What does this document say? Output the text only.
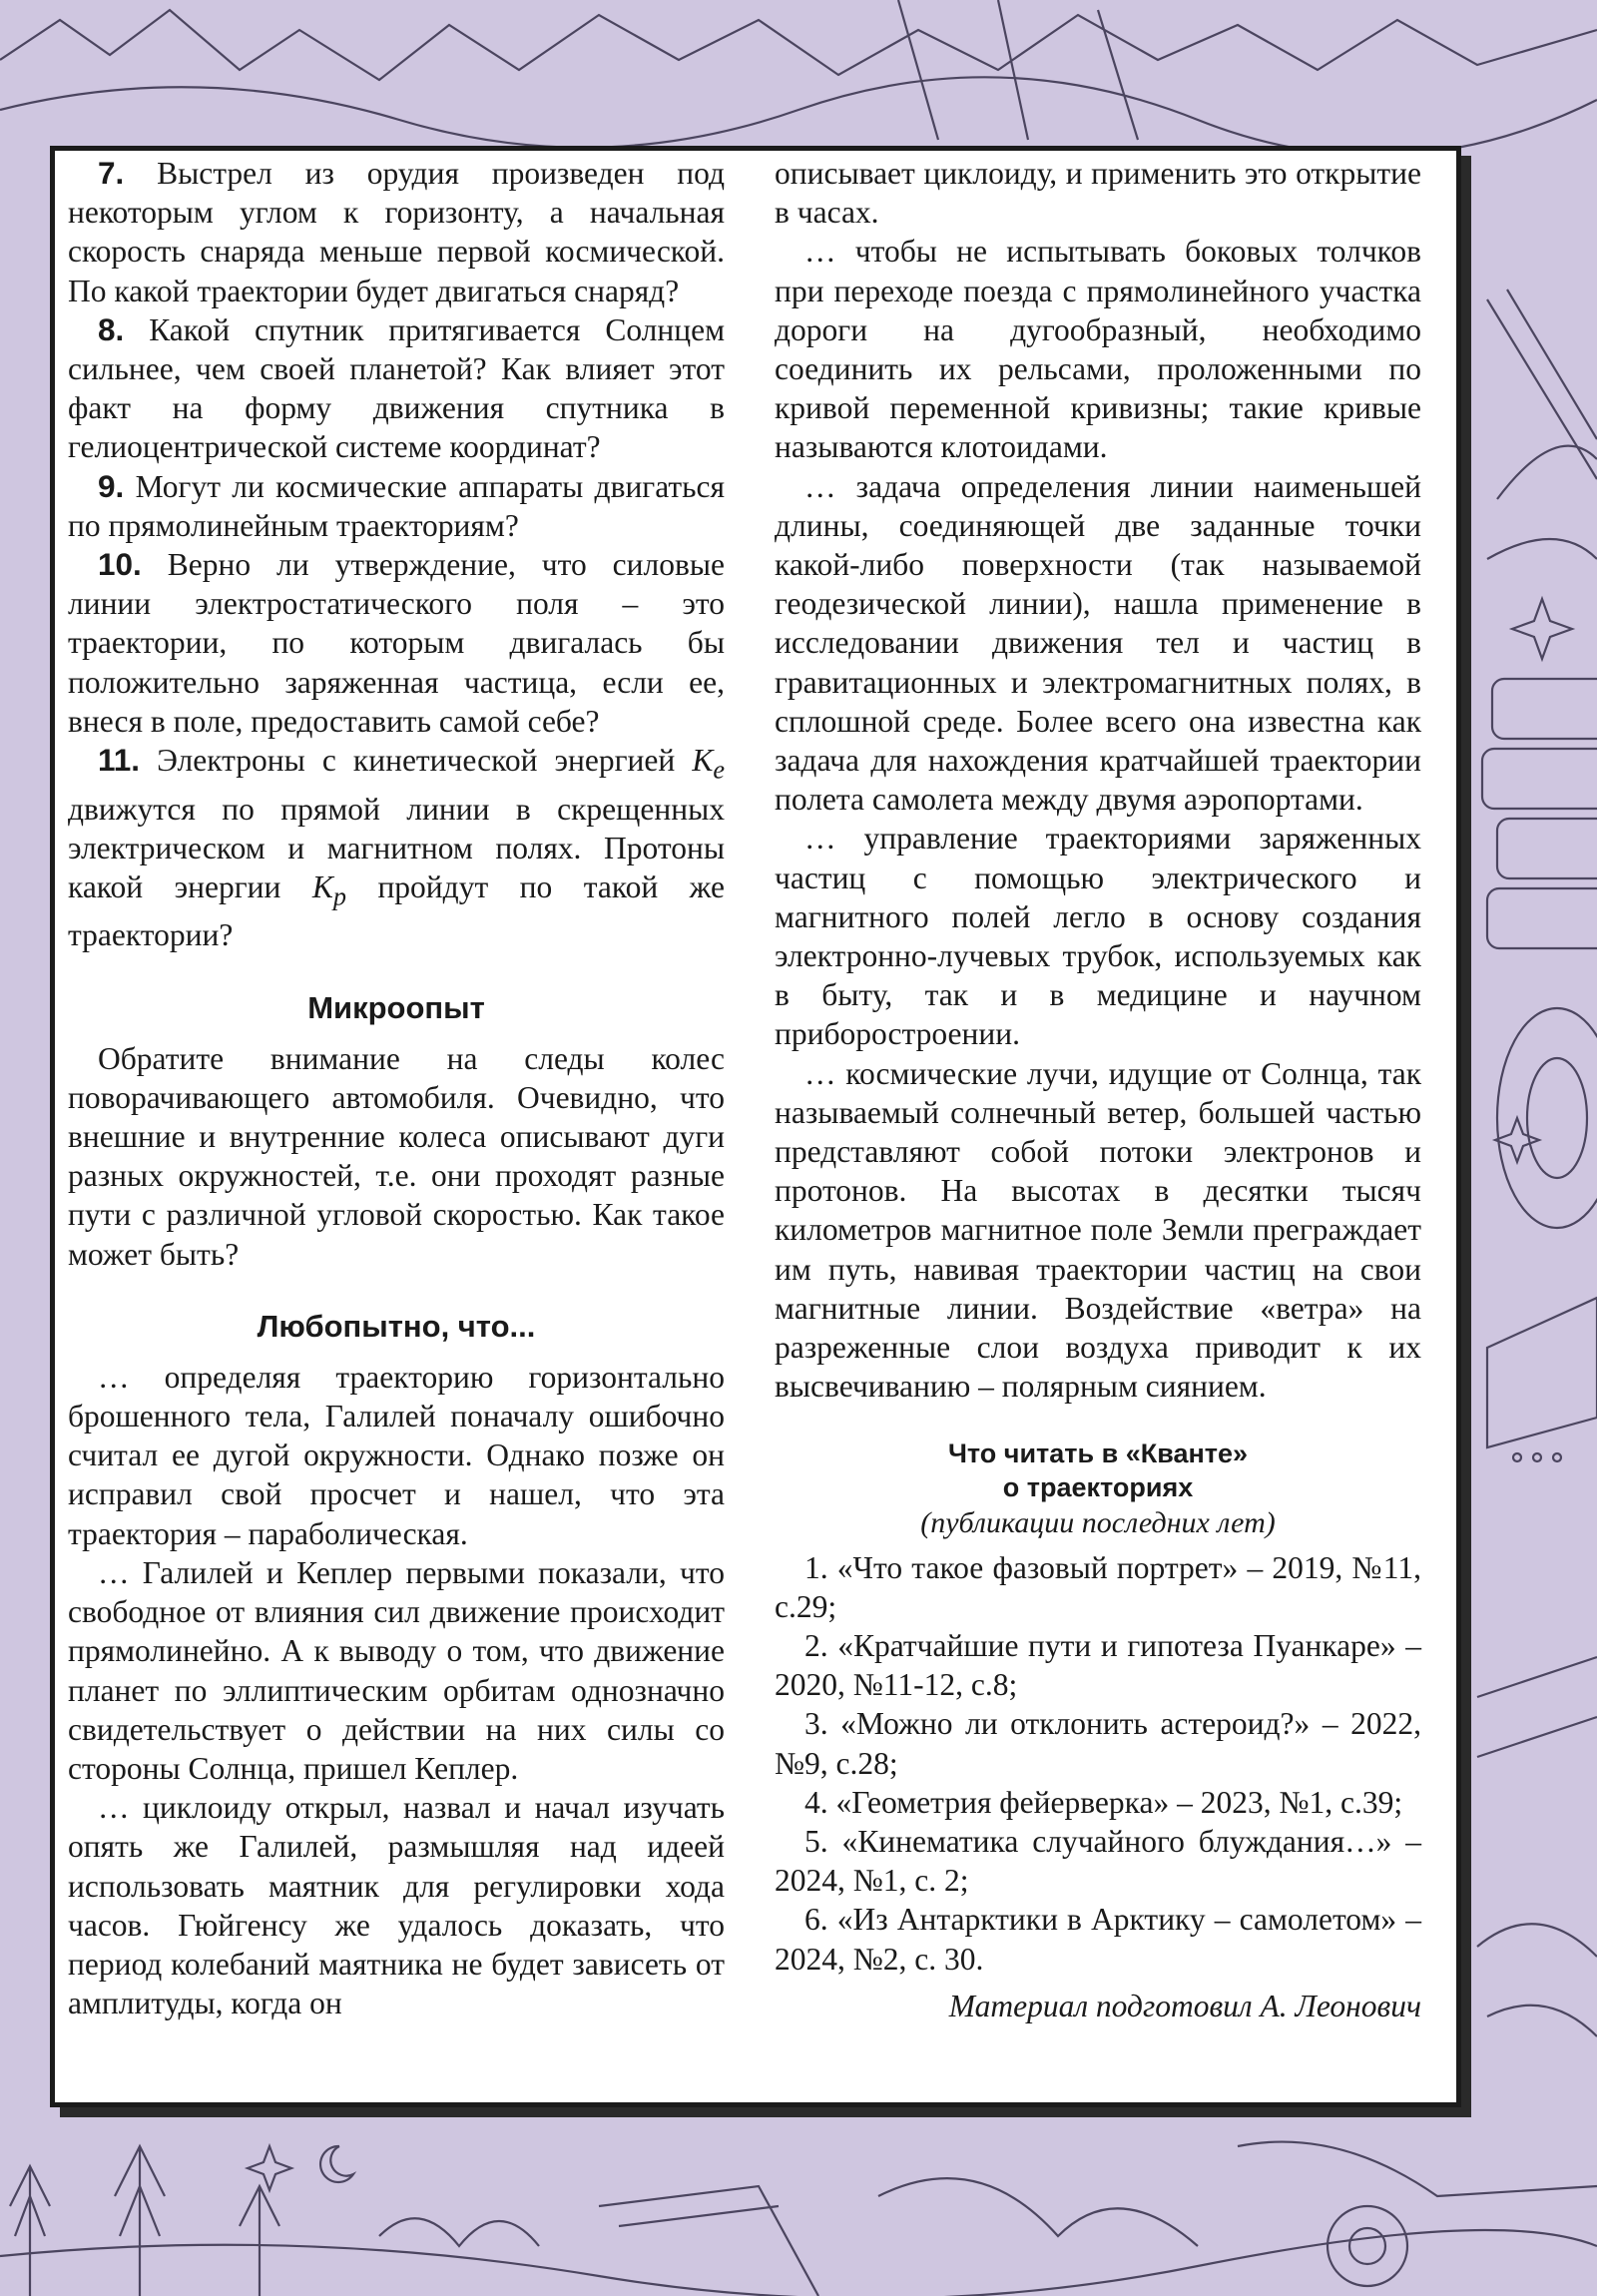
7. Выстрел из орудия произведен под некоторым углом к горизонту, а начальная скорость снаряда меньше первой космической. По какой траектории будет двигаться снаряд?

8. Какой спутник притягивается Солнцем сильнее, чем своей планетой? Как влияет этот факт на форму движения спутника в гелиоцентрической системе координат?

9. Могут ли космические аппараты двигаться по прямолинейным траекториям?

10. Верно ли утверждение, что силовые линии электростатического поля – это траектории, по которым двигалась бы положительно заряженная частица, если ее, внеся в поле, предоставить самой себе?

11. Электроны с кинетической энергией $K_e$ движутся по прямой линии в скрещенных электрическом и магнитном полях. Протоны какой энергии $K_p$ пройдут по такой же траектории?

Микроопыт

Обратите внимание на следы колес поворачивающего автомобиля. Очевидно, что внешние и внутренние колеса описывают дуги разных окружностей, т.е. они проходят разные пути с различной угловой скоростью. Как такое может быть?

Любопытно, что...

… определяя траекторию горизонтально брошенного тела, Галилей поначалу ошибочно считал ее дугой окружности. Однако позже он исправил свой просчет и нашел, что эта траектория – параболическая.

… Галилей и Кеплер первыми показали, что свободное от влияния сил движение происходит прямолинейно. А к выводу о том, что движение планет по эллиптическим орбитам однозначно свидетельствует о действии на них силы со стороны Солнца, пришел Кеплер.

… циклоиду открыл, назвал и начал изучать опять же Галилей, размышляя над идеей использовать маятник для регулировки хода часов. Гюйгенсу же удалось доказать, что период колебаний маятника не будет зависеть от амплитуды, когда он

описывает циклоиду, и применить это открытие в часах.

… чтобы не испытывать боковых толчков при переходе поезда с прямолинейного участка дороги на дугообразный, необходимо соединить их рельсами, проложенными по кривой переменной кривизны; такие кривые называются клотоидами.

… задача определения линии наименьшей длины, соединяющей две заданные точки какой-либо поверхности (так называемой геодезической линии), нашла применение в исследовании движения тел и частиц в гравитационных и электромагнитных полях, в сплошной среде. Более всего она известна как задача для нахождения кратчайшей траектории полета самолета между двумя аэропортами.

… управление траекториями заряженных частиц с помощью электрического и магнитного полей легло в основу создания электронно-лучевых трубок, используемых как в быту, так и в медицине и научном приборостроении.

… космические лучи, идущие от Солнца, так называемый солнечный ветер, большей частью представляют собой потоки электронов и протонов. На высотах в десятки тысяч километров магнитное поле Земли преграждает им путь, навивая траектории частиц на свои магнитные линии. Воздействие «ветра» на разреженные слои воздуха приводит к их высвечиванию – полярным сиянием.

Что читать в «Кванте»
о траекториях
(публикации последних лет)

1. «Что такое фазовый портрет» – 2019, №11, с.29;

2. «Кратчайшие пути и гипотеза Пуанкаре» – 2020, №11-12, с.8;

3. «Можно ли отклонить астероид?» – 2022, №9, с.28;

4. «Геометрия фейерверка» – 2023, №1, с.39;

5. «Кинематика случайного блуждания…» – 2024, №1, с. 2;

6. «Из Антарктики в Арктику – самолетом» – 2024, №2, с. 30.

Материал подготовил А. Леонович
